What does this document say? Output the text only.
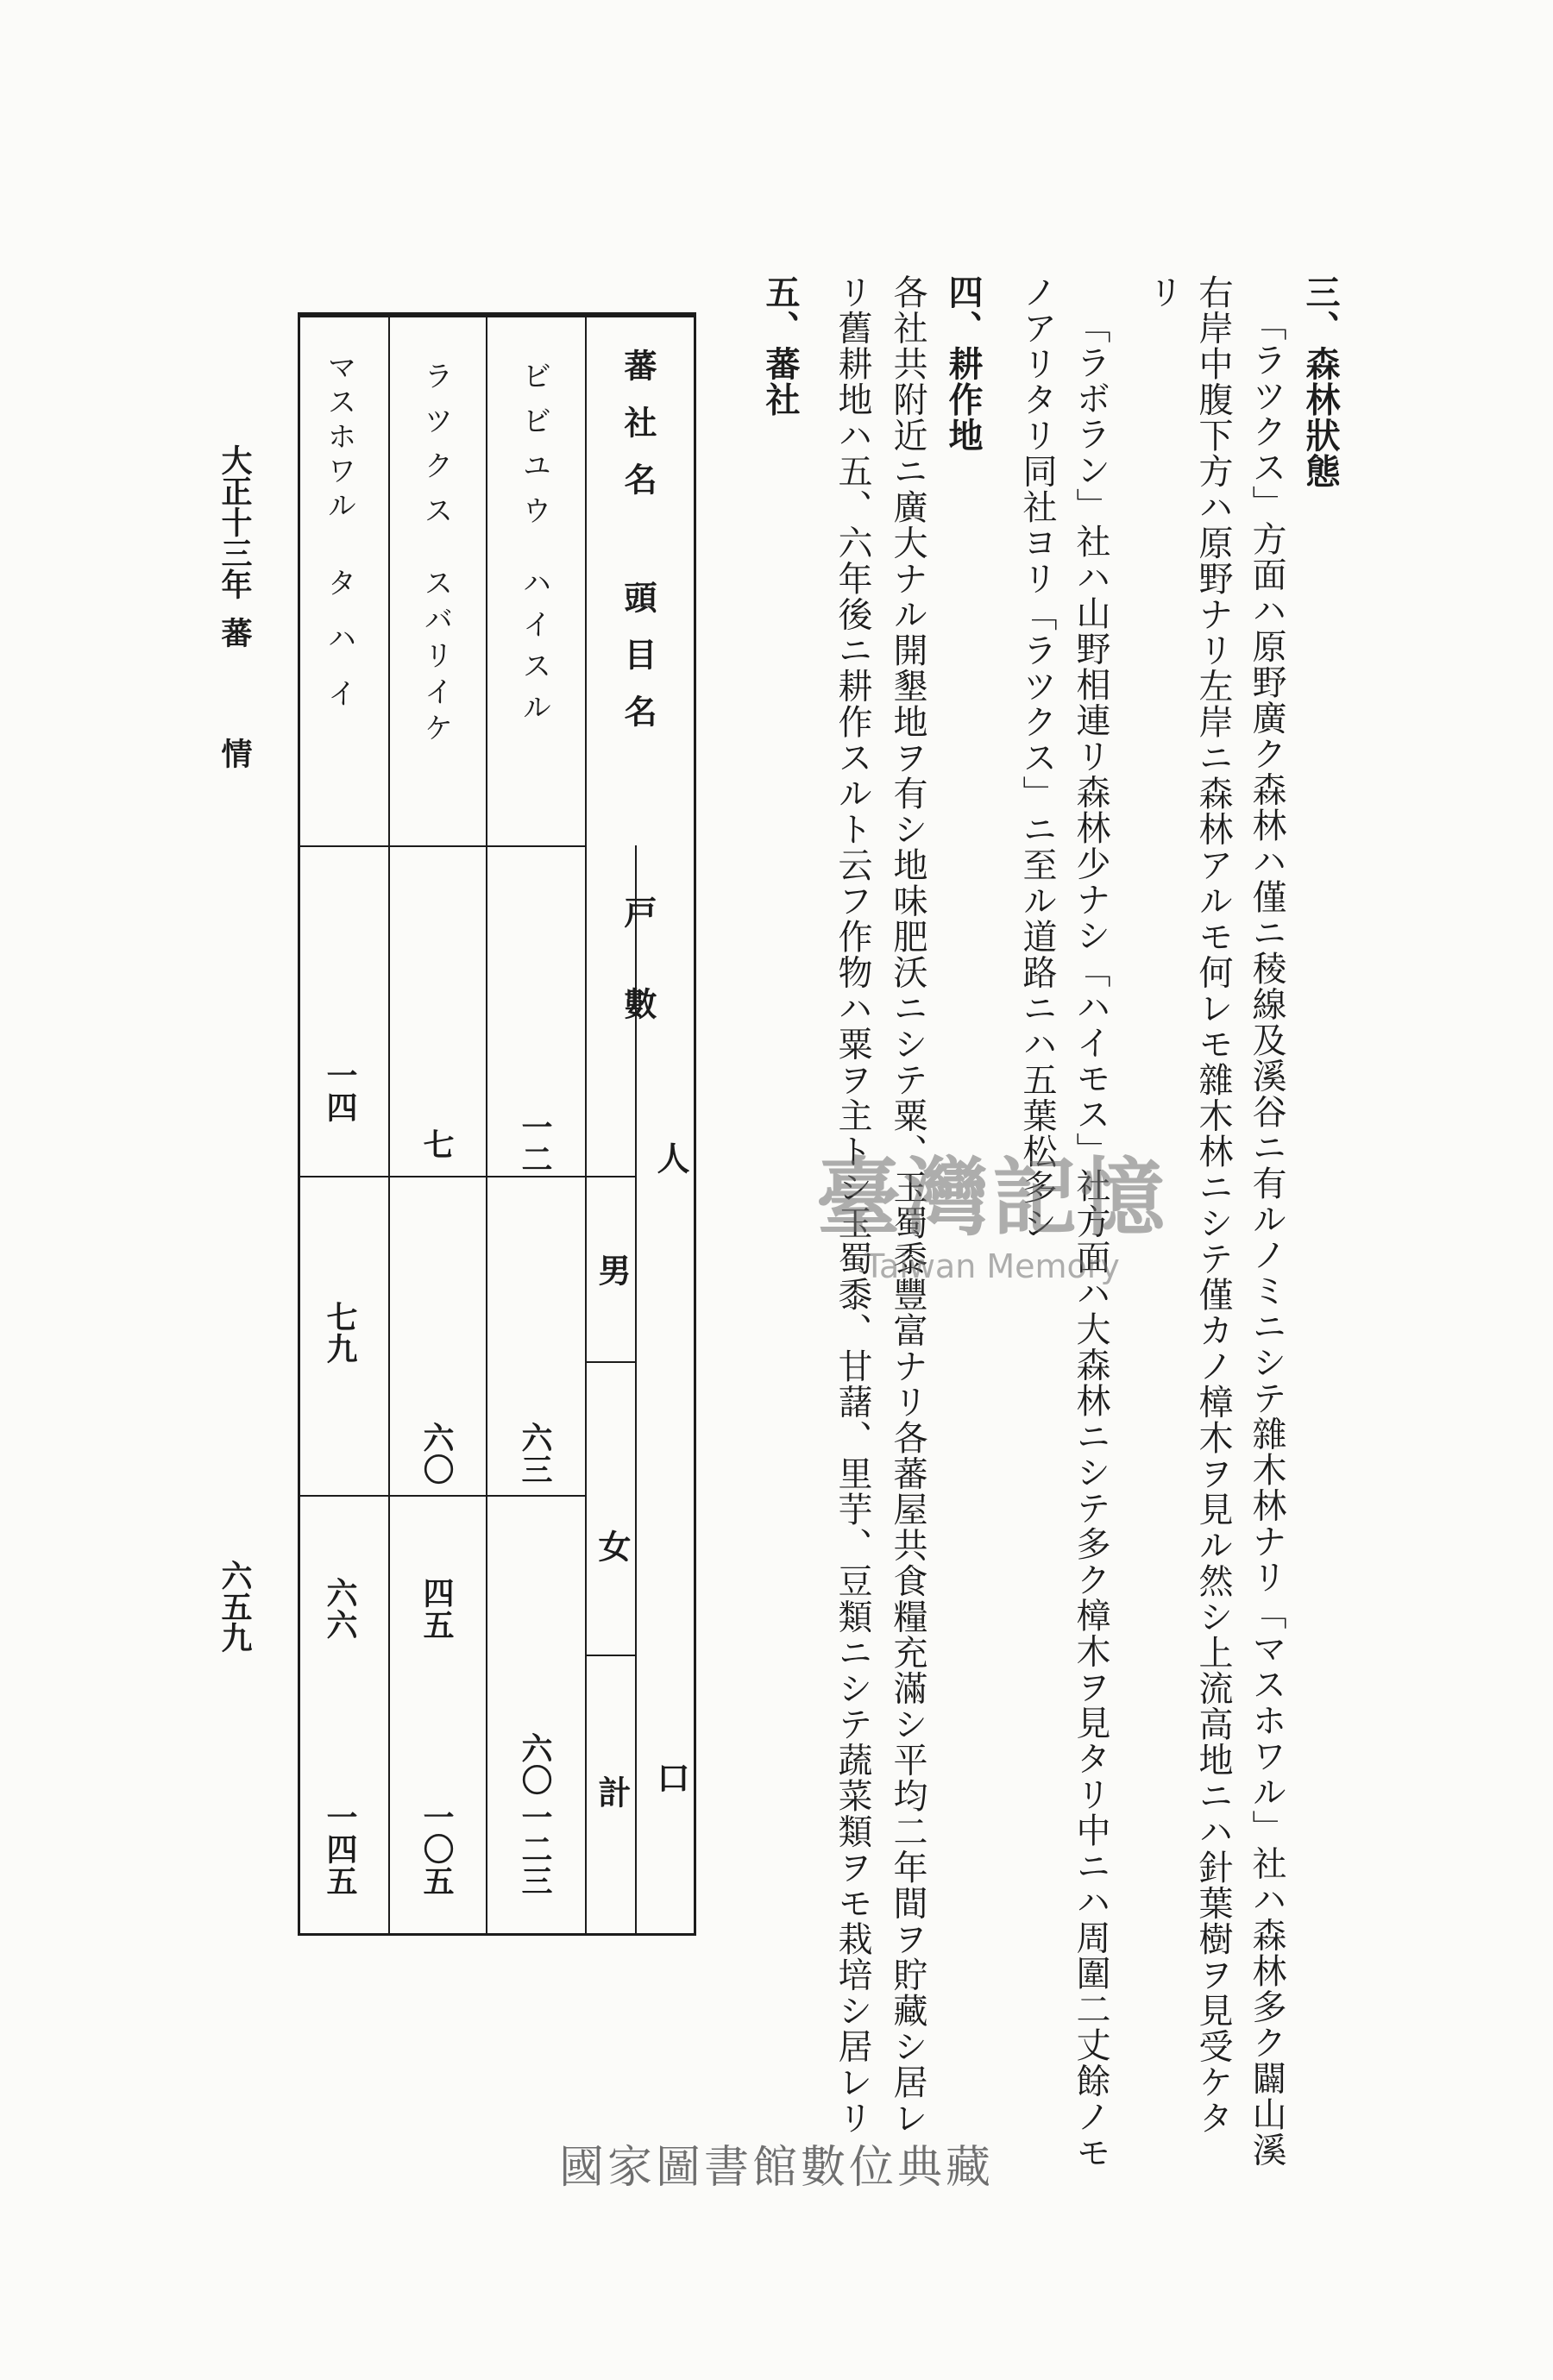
三、森林狀態
「ラツクス」方面ハ原野廣ク森林ハ僅ニ稜線及溪谷ニ有ルノミニシテ雜木林ナリ「マスホワル」社ハ森林多ク闢山溪
右岸中腹下方ハ原野ナリ左岸ニ森林アルモ何レモ雜木林ニシテ僅カノ樟木ヲ見ル然シ上流高地ニハ針葉樹ヲ見受ケタ
リ
「ラボラン」社ハ山野相連リ森林少ナシ「ハイモス」社方面ハ大森林ニシテ多ク樟木ヲ見タリ中ニハ周圍二丈餘ノモ
ノアリタリ同社ヨリ「ラツクス」ニ至ル道路ニハ五葉松多シ
四、耕作地
各社共附近ニ廣大ナル開墾地ヲ有シ地味肥沃ニシテ粟、玉蜀黍豐富ナリ各蕃屋共食糧充滿シ平均二年間ヲ貯藏シ居レ
リ舊耕地ハ五、六年後ニ耕作スルト云フ作物ハ粟ヲ主トシ玉蜀黍、甘藷、里芋、豆類ニシテ蔬菜類ヲモ栽培シ居レリ
五、蕃社
蕃社名
頭目名
戸數
人口
男
女
計
ビビユウ
ハイスル
一二
六三
六〇
一二三
ラツクス
スバリイケ
七
六〇
四五
一〇五
マスホワル
タハイ
一四
七九
六六
一四五
大正十三年
蕃
情
六五九
臺灣記憶
Taiwan Memory
國家圖書館數位典藏
